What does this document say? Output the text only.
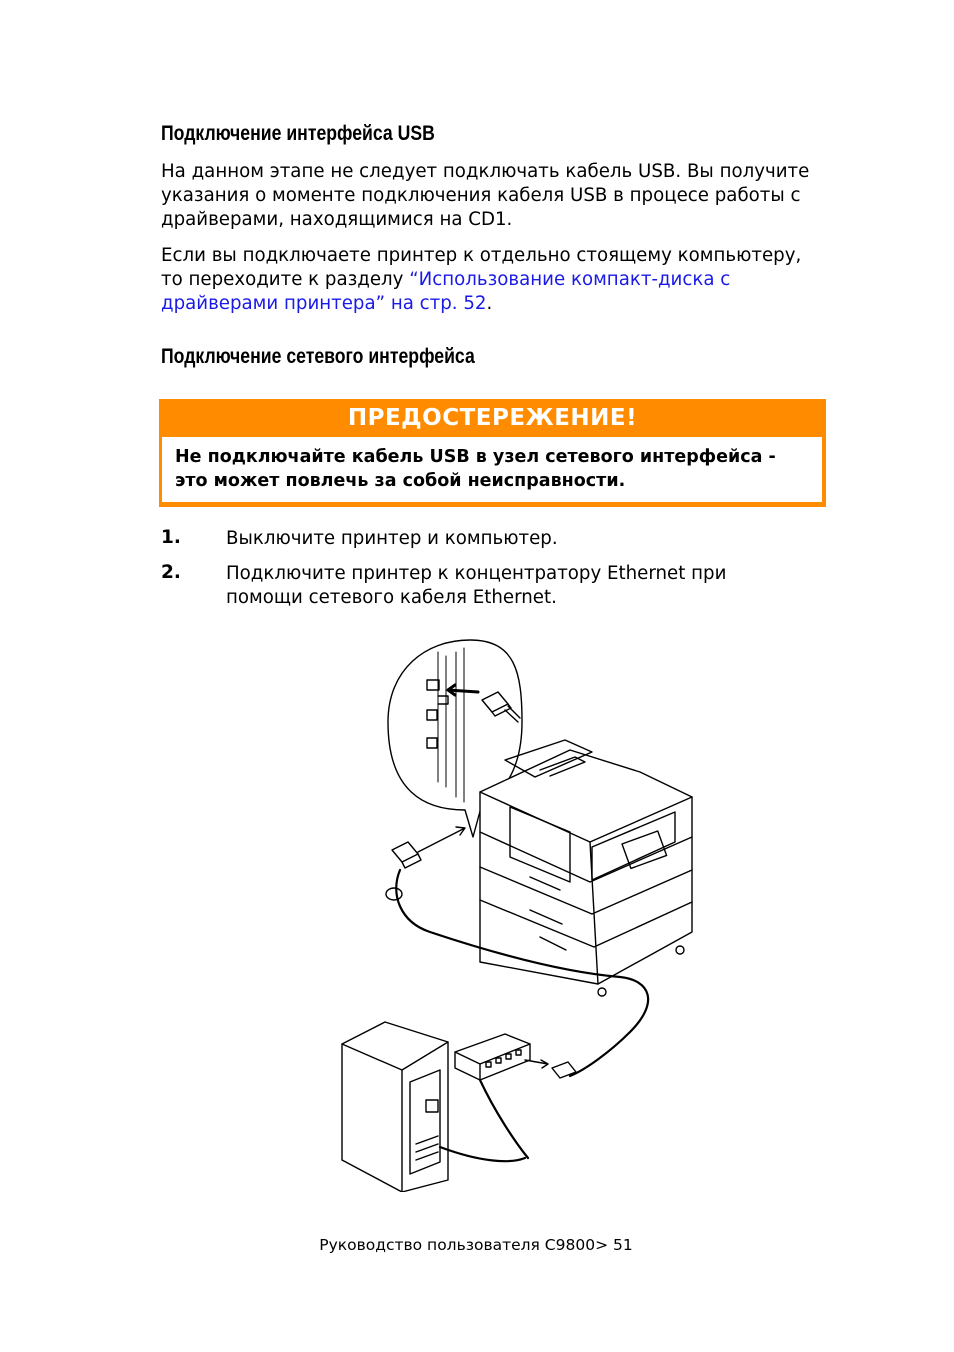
Подключение интерфейса USB

На данном этапе не следует подключать кабель USB. Вы получите
указания о моменте подключения кабеля USB в процесе работы с
драйверами, находящимися на CD1.

Если вы подключаете принтер к отдельно стоящему компьютеру,
то переходите к разделу “Использование компакт-диска с
драйверами принтера” на стр. 52.

Подключение сетевого интерфейса
ПРЕДОСТЕРЕЖЕНИЕ!
Не подключайте кабель USB в узел сетевого интерфейса -
это может повлечь за собой неисправности.

1. Выключите принтер и компьютер.

2. Подключите принтер к концентратору Ethernet при
помощи сетевого кабеля Ethernet.

Руководство пользователя C9800> 51
